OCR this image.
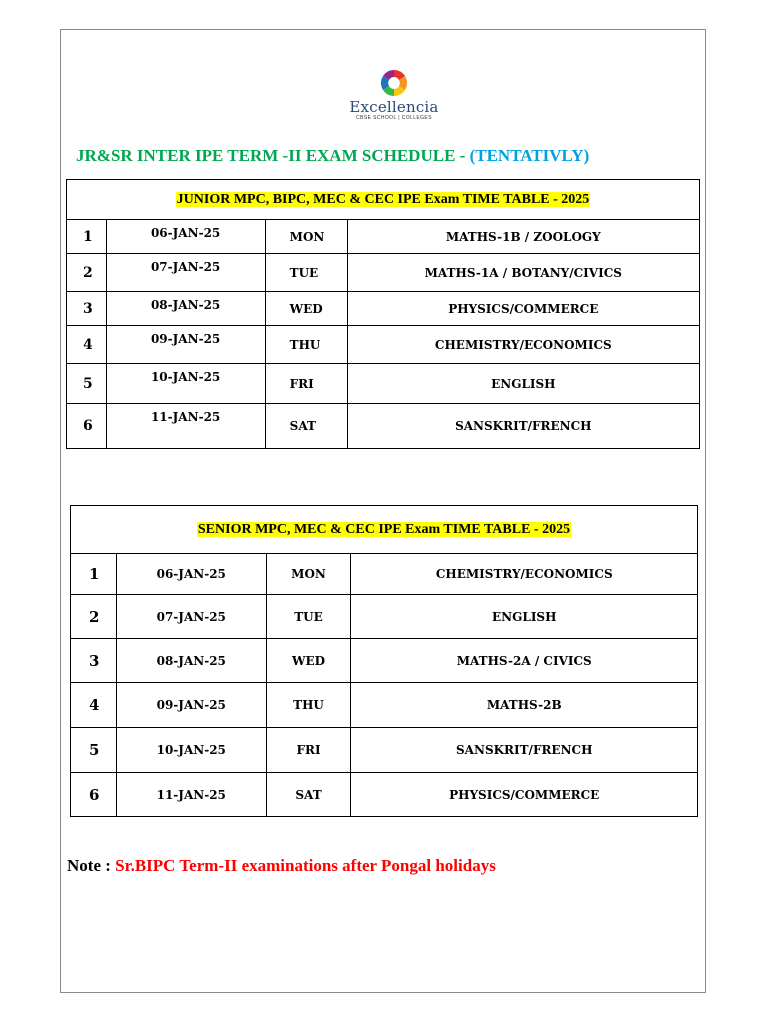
Excellencia
CBSE SCHOOL | COLLEGES
JR&SR INTER IPE TERM -II EXAM SCHEDULE - (TENTATIVLY)
JUNIOR MPC, BIPC, MEC & CEC IPE Exam TIME TABLE - 2025			
1	06-JAN-25	MON	MATHS-1B / ZOOLOGY
2	07-JAN-25	TUE	MATHS-1A / BOTANY/CIVICS
3	08-JAN-25	WED	PHYSICS/COMMERCE
4	09-JAN-25	THU	CHEMISTRY/ECONOMICS
5	10-JAN-25	FRI	ENGLISH
6	11-JAN-25	SAT	SANSKRIT/FRENCH
SENIOR MPC, MEC & CEC IPE Exam TIME TABLE - 2025			
1	06-JAN-25	MON	CHEMISTRY/ECONOMICS
2	07-JAN-25	TUE	ENGLISH
3	08-JAN-25	WED	MATHS-2A / CIVICS
4	09-JAN-25	THU	MATHS-2B
5	10-JAN-25	FRI	SANSKRIT/FRENCH
6	11-JAN-25	SAT	PHYSICS/COMMERCE
Note : Sr.BIPC Term-II examinations after Pongal holidays
